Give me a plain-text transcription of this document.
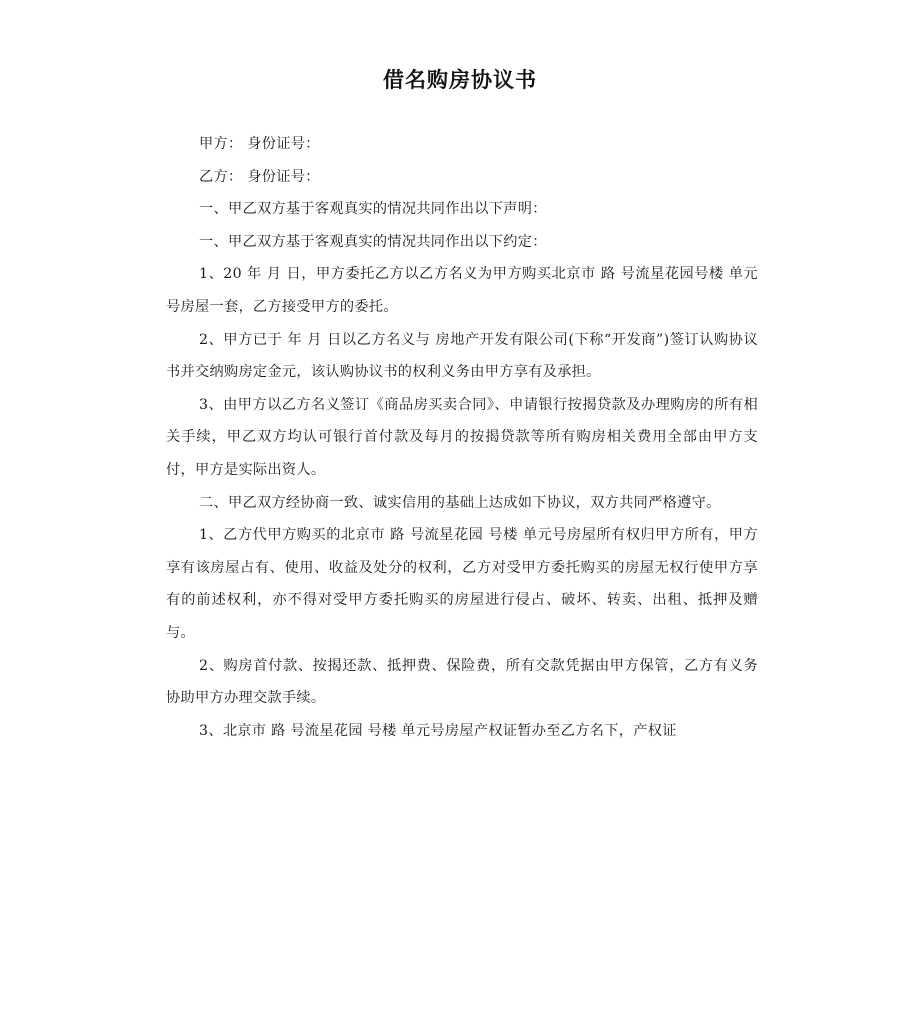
借名购房协议书

甲方： 身份证号：

乙方： 身份证号：

一、甲乙双方基于客观真实的情况共同作出以下声明：

一、甲乙双方基于客观真实的情况共同作出以下约定：

1、20 年 月 日，甲方委托乙方以乙方名义为甲方购买北京市 路 号流星花园号楼 单元 号房屋一套，乙方接受甲方的委托。

2、甲方已于 年 月 日以乙方名义与 房地产开发有限公司(下称“开发商”)签订认购协议书并交纳购房定金元，该认购协议书的权利义务由甲方享有及承担。

3、由甲方以乙方名义签订《商品房买卖合同》、申请银行按揭贷款及办理购房的所有相关手续，甲乙双方均认可银行首付款及每月的按揭贷款等所有购房相关费用全部由甲方支付，甲方是实际出资人。

二、甲乙双方经协商一致、诚实信用的基础上达成如下协议，双方共同严格遵守。

1、乙方代甲方购买的北京市 路 号流星花园 号楼 单元号房屋所有权归甲方所有，甲方享有该房屋占有、使用、收益及处分的权利，乙方对受甲方委托购买的房屋无权行使甲方享有的前述权利，亦不得对受甲方委托购买的房屋进行侵占、破坏、转卖、出租、抵押及赠与。

2、购房首付款、按揭还款、抵押费、保险费，所有交款凭据由甲方保管，乙方有义务协助甲方办理交款手续。

3、北京市 路 号流星花园 号楼 单元号房屋产权证暂办至乙方名下，产权证
